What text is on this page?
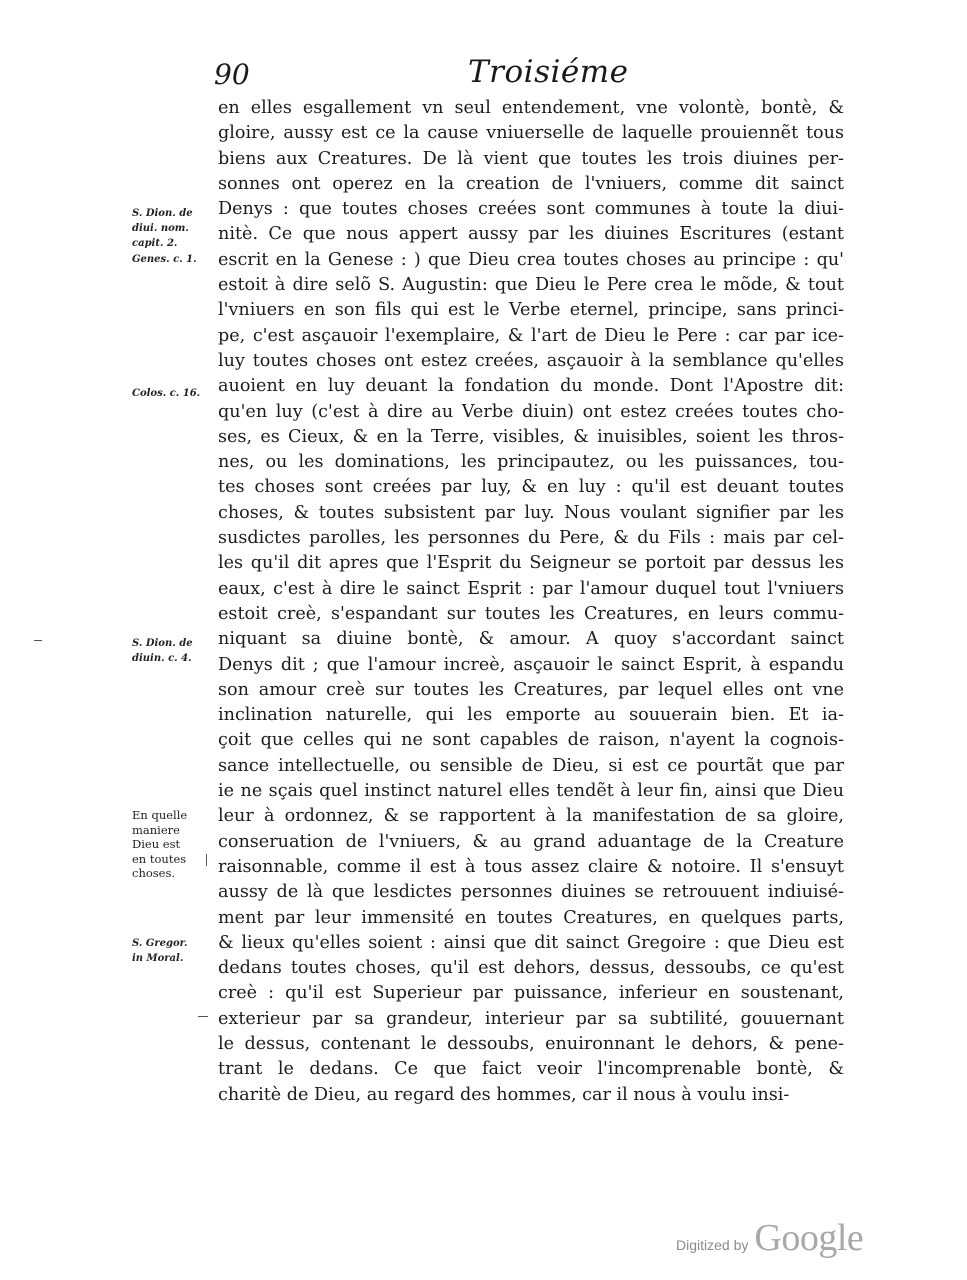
90	Troisiéme
en elles esgallement vn seul entendement, vne volontè, bontè, &
gloire, aussy est ce la cause vniuerselle de laquelle prouiennẽt tous
biens aux Creatures. De là vient que toutes les trois diuines per-
sonnes ont operez en la creation de l'vniuers, comme dit sainct
Denys : que toutes choses creées sont communes à toute la diui-
nitè. Ce que nous appert aussy par les diuines Escritures (estant
escrit en la Genese : ) que Dieu crea toutes choses au principe : qu'
estoit à dire selõ S. Augustin: que Dieu le Pere crea le mõde, & tout
l'vniuers en son fils qui est le Verbe eternel, principe, sans princi-
pe, c'est asçauoir l'exemplaire, & l'art de Dieu le Pere : car par ice-
luy toutes choses ont estez creées, asçauoir à la semblance qu'elles
auoient en luy deuant la fondation du monde. Dont l'Apostre dit:
qu'en luy (c'est à dire au Verbe diuin) ont estez creées toutes cho-
ses, es Cieux, & en la Terre, visibles, & inuisibles, soient les thros-
nes, ou les dominations, les principautez, ou les puissances, tou-
tes choses sont creées par luy, & en luy : qu'il est deuant toutes
choses, & toutes subsistent par luy. Nous voulant signifier par les
susdictes parolles, les personnes du Pere, & du Fils : mais par cel-
les qu'il dit apres que l'Esprit du Seigneur se portoit par dessus les
eaux, c'est à dire le sainct Esprit : par l'amour duquel tout l'vniuers
estoit creè, s'espandant sur toutes les Creatures, en leurs commu-
niquant sa diuine bontè, & amour. A quoy s'accordant sainct
Denys dit ; que l'amour increè, asçauoir le sainct Esprit, à espandu
son amour creè sur toutes les Creatures, par lequel elles ont vne
inclination naturelle, qui les emporte au souuerain bien. Et ia-
çoit que celles qui ne sont capables de raison, n'ayent la cognois-
sance intellectuelle, ou sensible de Dieu, si est ce pourtãt que par
ie ne sçais quel instinct naturel elles tendẽt à leur fin, ainsi que Dieu
leur à ordonnez, & se rapportent à la manifestation de sa gloire,
conseruation de l'vniuers, & au grand aduantage de la Creature
raisonnable, comme il est à tous assez claire & notoire. Il s'ensuyt
aussy de là que lesdictes personnes diuines se retrouuent indiuisé-
ment par leur immensité en toutes Creatures, en quelques parts,
& lieux qu'elles soient : ainsi que dit sainct Gregoire : que Dieu est
dedans toutes choses, qu'il est dehors, dessus, dessoubs, ce qu'est
creè : qu'il est Superieur par puissance, inferieur en soustenant,
exterieur par sa grandeur, interieur par sa subtilité, gouuernant
le dessus, contenant le dessoubs, enuironnant le dehors, & pene-
trant le dedans. Ce que faict veoir l'incomprenable bontè, &
charitè de Dieu, au regard des hommes, car il nous à voulu insi-
S. Dion. de
diui. nom.
capit. 2.
Genes. c. 1.
Colos. c. 16.
S. Dion. de
diuin. c. 4.
En quelle
maniere
Dieu est
en toutes
choses.
S. Gregor.
in Moral.
Digitized by Google
